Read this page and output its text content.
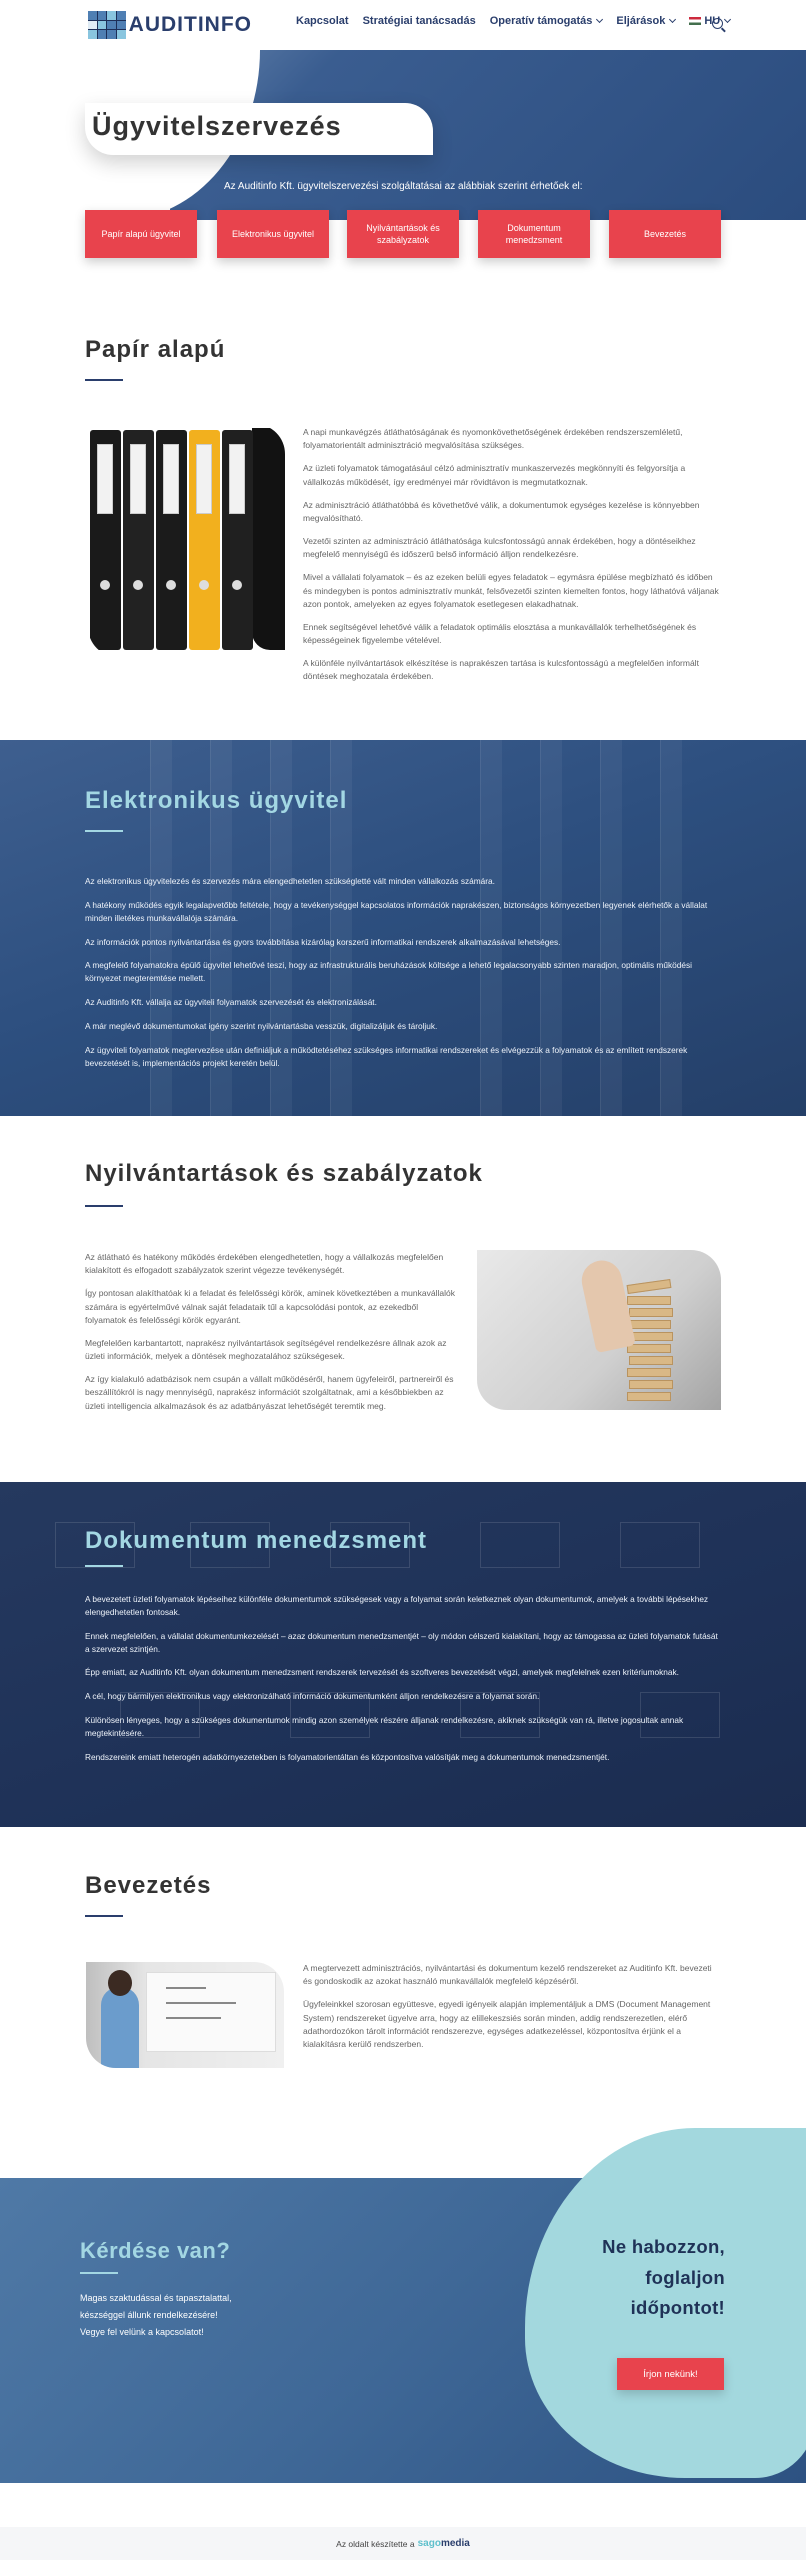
AUDITINFO	Kapcsolat Stratégiai tanácsadás Operatív támogatás Eljárások	HU
Ügyvitelszervezés
Az Auditinfo Kft. ügyvitelszervezési szolgáltatásai az alábbiak szerint érhetőek el:
Papír alapú ügyvitel	Elektronikus ügyvitel
Nyilvántartások és szabályzatok
Dokumentum menedzsment
Bevezetés
Papír alapú

A napi munkavégzés átláthatóságának és nyomonkövethetőségének érdekében rendszerszemléletű, folyamatorientált adminisztráció megvalósítása szükséges.

Az üzleti folyamatok támogatásául célzó adminisztratív munkaszervezés megkönnyíti és felgyorsítja a vállalkozás működését, így eredményei már rövidtávon is megmutatkoznak.

Az adminisztráció átláthatóbbá és követhetővé válik, a dokumentumok egységes kezelése is könnyebben megvalósítható.

Vezetői szinten az adminisztráció átláthatósága kulcsfontosságú annak érdekében, hogy a döntéseikhez megfelelő mennyiségű és időszerű belső információ álljon rendelkezésre.

Mivel a vállalati folyamatok – és az ezeken belüli egyes feladatok – egymásra épülése megbízható és időben és mindegyben is pontos adminisztratív munkát, felsővezetői szinten kiemelten fontos, hogy láthatóvá váljanak azon pontok, amelyeken az egyes folyamatok esetlegesen elakadhatnak.

Ennek segítségével lehetővé válik a feladatok optimális elosztása a munkavállalók terhelhetőségének és képességeinek figyelembe vételével.

A különféle nyilvántartások elkészítése is naprakészen tartása is kulcsfontosságú a megfelelően informált döntések meghozatala érdekében.

Elektronikus ügyvitel

Az elektronikus ügyvitelezés és szervezés mára elengedhetetlen szükségletté vált minden vállalkozás számára.

A hatékony működés egyik legalapvetőbb feltétele, hogy a tevékenységgel kapcsolatos információk naprakészen, biztonságos környezetben legyenek elérhetők a vállalat minden illetékes munkavállalója számára.

Az információk pontos nyilvántartása és gyors továbbítása kizárólag korszerű informatikai rendszerek alkalmazásával lehetséges.

A megfelelő folyamatokra épülő ügyvitel lehetővé teszi, hogy az infrastrukturális beruházások költsége a lehető legalacsonyabb szinten maradjon, optimális működési környezet megteremtése mellett.

Az Auditinfo Kft. vállalja az ügyviteli folyamatok szervezését és elektronizálását.

A már meglévő dokumentumokat igény szerint nyilvántartásba vesszük, digitalizáljuk és tároljuk.

Az ügyviteli folyamatok megtervezése után definiáljuk a működtetéséhez szükséges informatikai rendszereket és elvégezzük a folyamatok és az említett rendszerek bevezetését is, implementációs projekt keretén belül.

Nyilvántartások és szabályzatok

Az átlátható és hatékony működés érdekében elengedhetetlen, hogy a vállalkozás megfelelően kialakított és elfogadott szabályzatok szerint végezze tevékenységét.

Így pontosan alakíthatóak ki a feladat és felelősségi körök, aminek következtében a munkavállalók számára is egyértelművé válnak saját feladataik tűl a kapcsolódási pontok, az ezekedből folyamatok és felelősségi körök egyaránt.

Megfelelően karbantartott, naprakész nyilvántartások segítségével rendelkezésre állnak azok az üzleti információk, melyek a döntések meghozatalához szükségesek.

Az így kialakuló adatbázisok nem csupán a vállalt működéséről, hanem ügyfeleiről, partnereiről és beszállítókról is nagy mennyiségű, naprakész információt szolgáltatnak, ami a későbbiekben az üzleti intelligencia alkalmazások és az adatbányászat lehetőségét teremtik meg.

Dokumentum menedzsment

A bevezetett üzleti folyamatok lépéseihez különféle dokumentumok szükségesek vagy a folyamat során keletkeznek olyan dokumentumok, amelyek a további lépésekhez elengedhetetlen fontosak.

Ennek megfelelően, a vállalat dokumentumkezelését – azaz dokumentum menedzsmentjét – oly módon célszerű kialakítani, hogy az támogassa az üzleti folyamatok futását a szervezet szintjén.

Épp emiatt, az Auditinfo Kft. olyan dokumentum menedzsment rendszerek tervezését és szoftveres bevezetését végzi, amelyek megfelelnek ezen kritériumoknak.

A cél, hogy bármilyen elektronikus vagy elektronizálható információ dokumentumként álljon rendelkezésre a folyamat során.

Különösen lényeges, hogy a szükséges dokumentumok mindig azon személyek részére álljanak rendelkezésre, akiknek szükségük van rá, illetve jogosultak annak megtekintésére.

Rendszereink emiatt heterogén adatkörnyezetekben is folyamatorientáltan és központosítva valósítják meg a dokumentumok menedzsmentjét.

Bevezetés

A megtervezett adminisztrációs, nyilvántartási és dokumentum kezelő rendszereket az Auditinfo Kft. bevezeti és gondoskodik az azokat használó munkavállalók megfelelő képzéséről.

Ügyfeleinkkel szorosan együttesve, egyedi igényeik alapján implementáljuk a DMS (Document Management System) rendszereket ügyelve arra, hogy az elillekeszsiés során minden, addig rendszerezetlen, elérő adathordozókon tárolt információt rendszerezve, egységes adatkezeléssel, központosítva érjünk el a kialakításra kerülő rendszerben.

Kérdése van?
Magas szaktudással és tapasztalattal,
készséggel állunk rendelkezésére!
Vegye fel velünk a kapcsolatot!
Ne habozzon,
foglaljon
időpontot!
Írjon nekünk!
Az oldalt készítette a sagomedia
